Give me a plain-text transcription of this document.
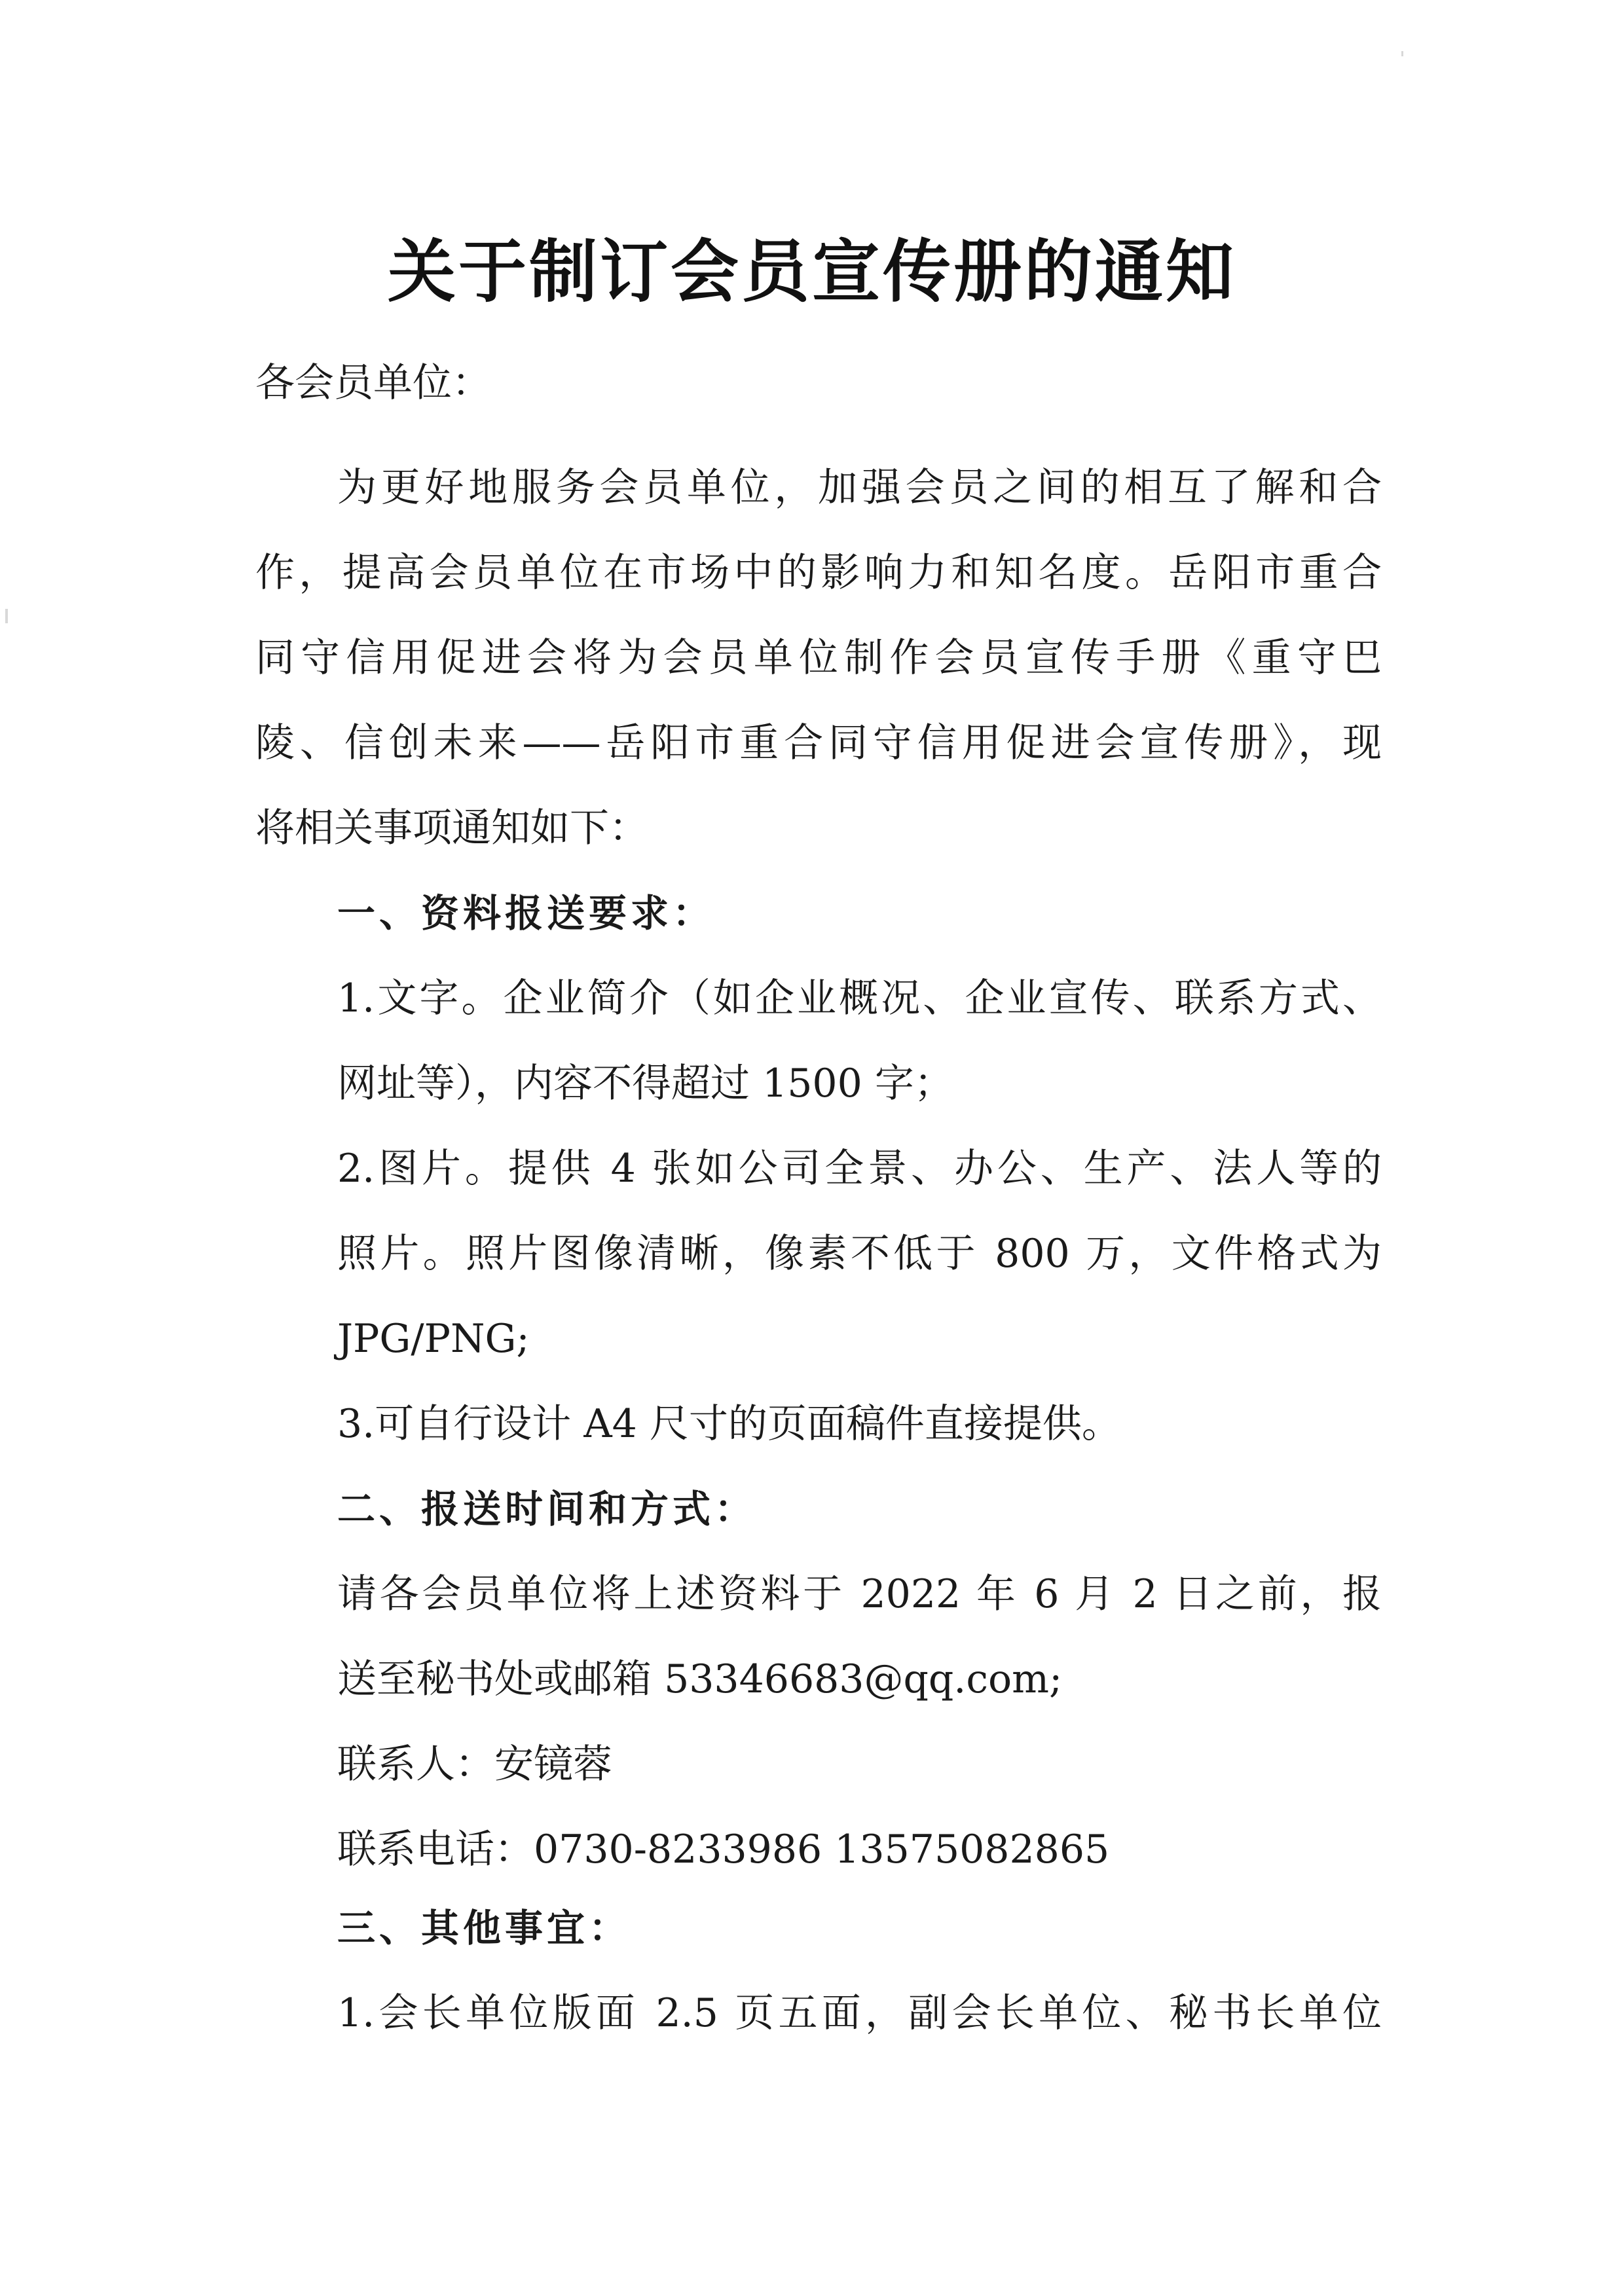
关于制订会员宣传册的通知

各会员单位：

为更好地服务会员单位，加强会员之间的相互了解和合

作，提高会员单位在市场中的影响力和知名度。岳阳市重合

同守信用促进会将为会员单位制作会员宣传手册《重守巴

陵、信创未来——岳阳市重合同守信用促进会宣传册》，现

将相关事项通知如下：

一、资料报送要求：

1.文字。企业简介（如企业概况、企业宣传、联系方式、

网址等），内容不得超过 1500 字；

2.图片。提供 4 张如公司全景、办公、生产、法人等的

照片。照片图像清晰，像素不低于 800 万，文件格式为

JPG/PNG;

3.可自行设计 A4 尺寸的页面稿件直接提供。

二、报送时间和方式：

请各会员单位将上述资料于 2022 年 6 月 2 日之前，报

送至秘书处或邮箱 53346683@qq.com;

联系人：安镜蓉

联系电话：0730-8233986 13575082865

三、其他事宜：

1.会长单位版面 2.5 页五面，副会长单位、秘书长单位
